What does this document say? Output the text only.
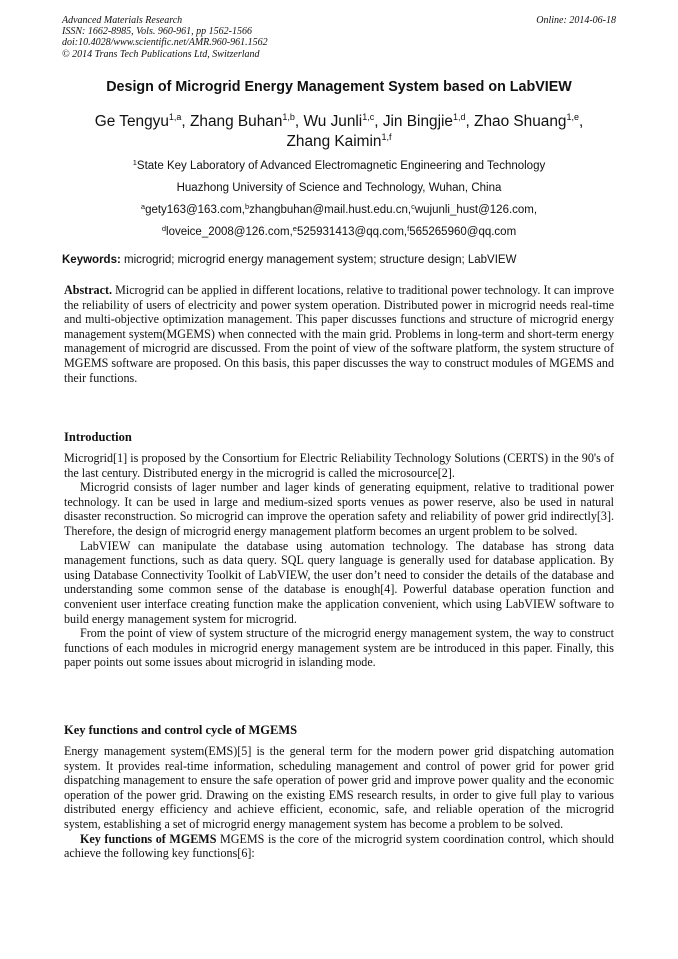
Advanced Materials Research
ISSN: 1662-8985, Vols. 960-961, pp 1562-1566
doi:10.4028/www.scientific.net/AMR.960-961.1562
© 2014 Trans Tech Publications Ltd, Switzerland
Online: 2014-06-18
Design of Microgrid Energy Management System based on LabVIEW
Ge Tengyu$^{1,a}$, Zhang Buhan$^{1,b}$, Wu Junli$^{1,c}$, Jin Bingjie$^{1,d}$, Zhao Shuang$^{1,e}$,
Zhang Kaimin$^{1,f}$
$^1$State Key Laboratory of Advanced Electromagnetic Engineering and Technology
Huazhong University of Science and Technology, Wuhan, China
$^a$gety163@163.com,$^b$zhangbuhan@mail.hust.edu.cn,$^c$wujunli_hust@126.com,
$^d$loveice_2008@126.com,$^e$525931413@qq.com,$^f$565265960@qq.com
Keywords: microgrid; microgrid energy management system; structure design; LabVIEW

Abstract. Microgrid can be applied in different locations, relative to traditional power technology. It can improve the reliability of users of electricity and power system operation. Distributed power in microgrid needs real-time and multi-objective optimization management. This paper discusses functions and structure of microgrid energy management system(MGEMS) when connected with the main grid. Problems in long-term and short-term energy management of microgrid are discussed. From the point of view of the software platform, the system structure of MGEMS software are proposed. On this basis, this paper discusses the way to construct modules of MGEMS and their functions.

Introduction

Microgrid[1] is proposed by the Consortium for Electric Reliability Technology Solutions (CERTS) in the 90's of the last century. Distributed energy in the microgrid is called the microsource[2].

Microgrid consists of lager number and lager kinds of generating equipment, relative to traditional power technology. It can be used in large and medium-sized sports venues as power reserve, also be used in natural disaster reconstruction. So microgrid can improve the operation safety and reliability of power grid indirectly[3]. Therefore, the design of microgrid energy management platform becomes an urgent problem to be solved.

LabVIEW can manipulate the database using automation technology. The database has strong data management functions, such as data query. SQL query language is generally used for database application. By using Database Connectivity Toolkit of LabVIEW, the user don’t need to consider the details of the database and understanding some common sense of the database is enough[4]. Powerful database operation function and convenient user interface creating function make the application convenient, which using LabVIEW software to build energy management system for microgrid.

From the point of view of system structure of the microgrid energy management system, the way to construct functions of each modules in microgrid energy management system are be introduced in this paper. Finally, this paper points out some issues about microgrid in islanding mode.

Key functions and control cycle of MGEMS

Energy management system(EMS)[5] is the general term for the modern power grid dispatching automation system. It provides real-time information, scheduling management and control of power grid for power grid dispatching management to ensure the safe operation of power grid and improve power quality and the economic operation of the power grid. Drawing on the existing EMS research results, in order to give full play to various distributed energy efficiency and achieve efficient, economic, safe, and reliable operation of the microgrid system, establishing a set of microgrid energy management system has become a problem to be solved.

Key functions of MGEMS MGEMS is the core of the microgrid system coordination control, which should achieve the following key functions[6]:
